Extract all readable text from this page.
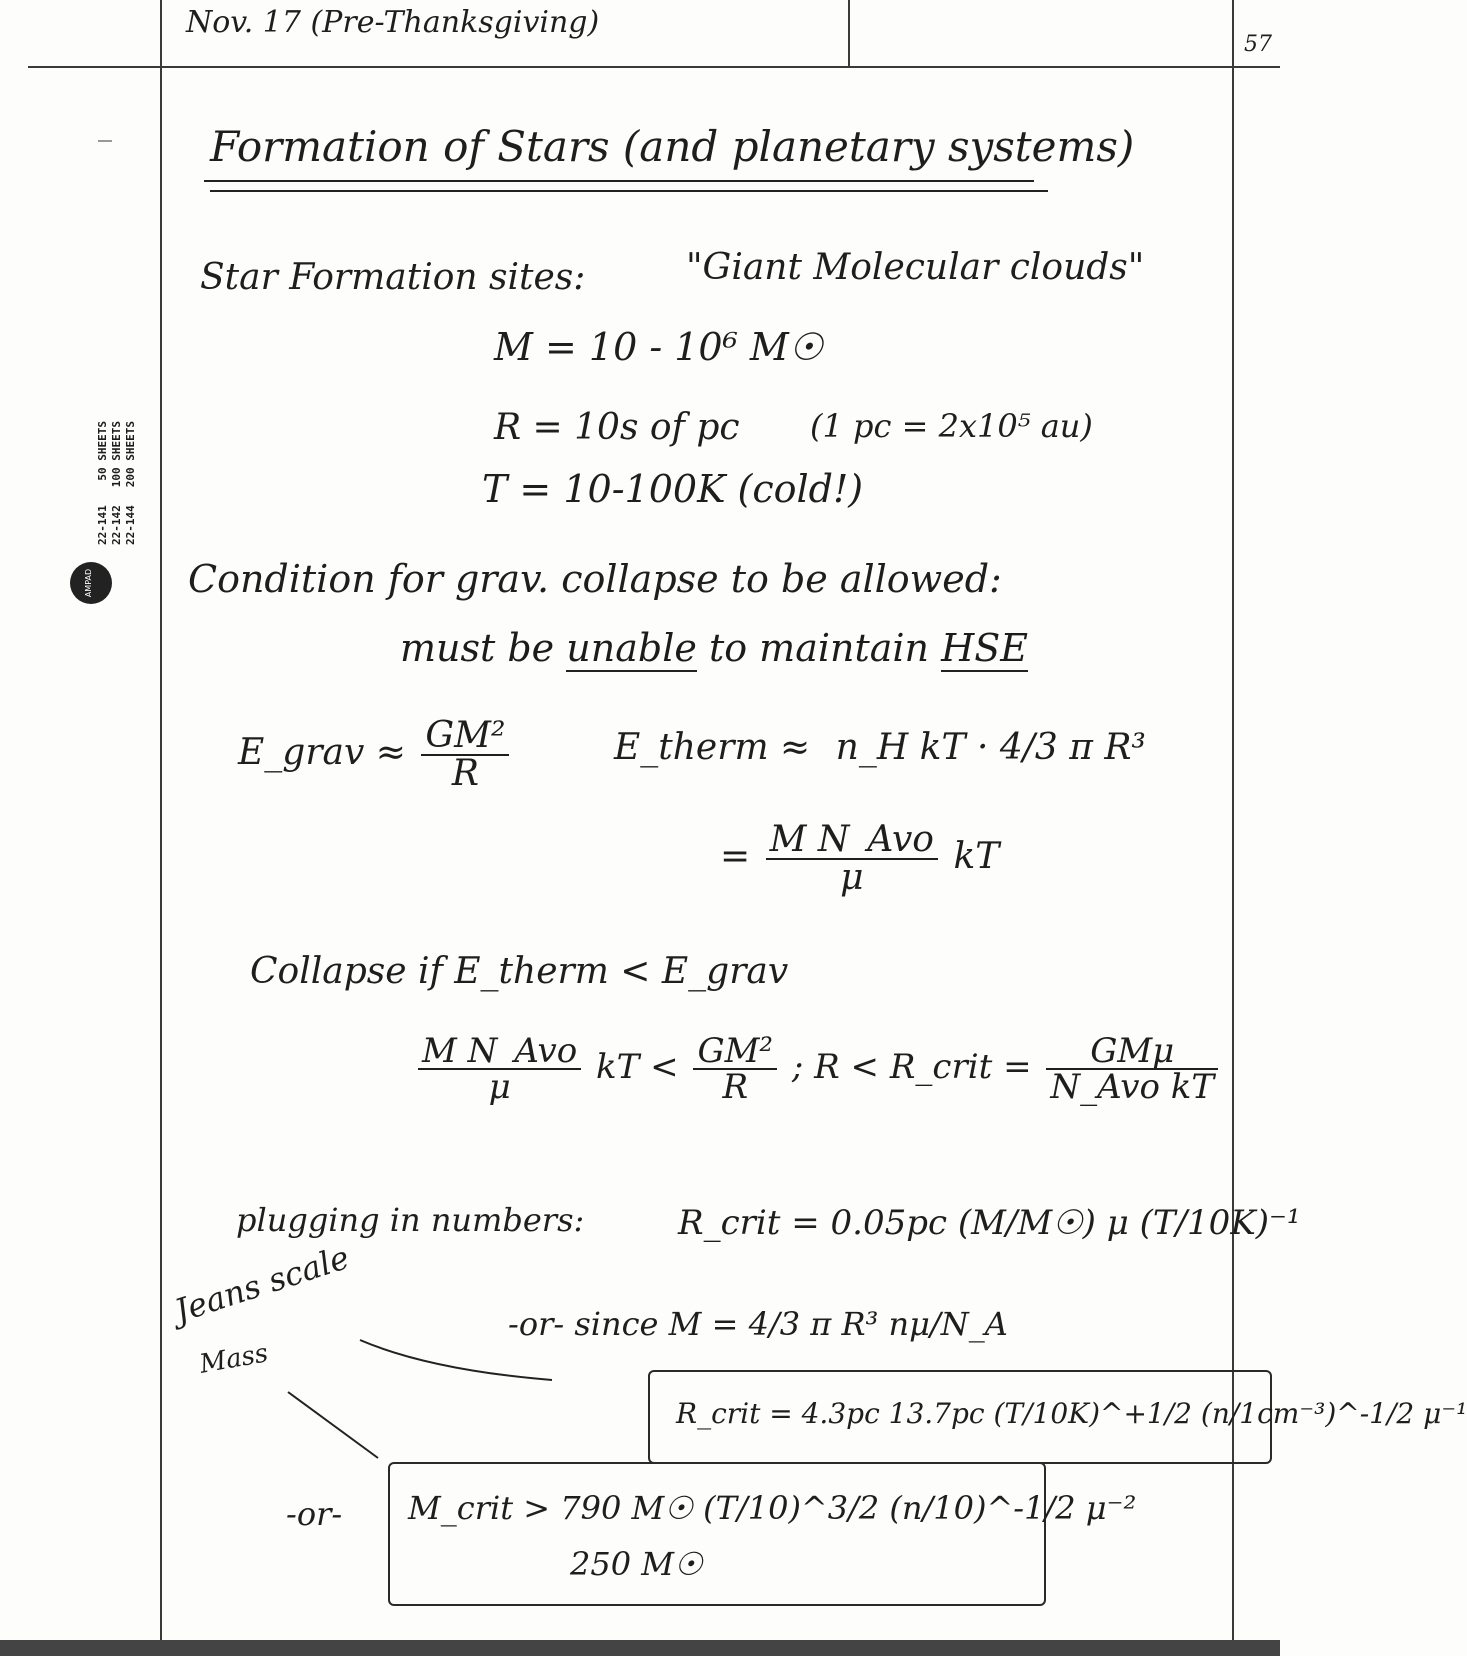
Nov. 17 (Pre-Thanksgiving)
57
AMPAD
22-141 22-142 22-144
50 SHEETS 100 SHEETS 200 SHEETS
Formation of Stars (and planetary systems)
Star Formation sites:	"Giant Molecular clouds"
M = 10 - 10⁶ M☉
R = 10s of pc (1 pc = 2x10⁵ au)
T = 10-100K (cold!)
Condition for grav. collapse to be allowed:
must be unable to maintain HSE
E_grav ≈ $\frac{\text{GM²}}{R}$	E_therm ≈ n_H kT · 4/3 π R³
= $\frac{\text{M N\_Avo}}{\mu}$ kT
Collapse if E_therm < E_grav
$\frac{\text{M N\_Avo}}{\mu}$ kT < $\frac{\text{GM²}}{R}$ ; R < R_crit = $\frac{\text{GMμ}}{\text{N\_Avo kT}}$
plugging in numbers:	R_crit = 0.05pc (M/M☉) μ (T/10K)⁻¹
Jeans scale
Mass
-or- since M = 4/3 π R³ nμ/N_A
R_crit = 4.3pc 13.7pc (T/10K)^+1/2 (n/1cm⁻³)^-1/2 μ⁻¹
-or- M_crit > 790 M☉ (T/10)^3/2 (n/10)^-1/2 μ⁻²
250 M☉
